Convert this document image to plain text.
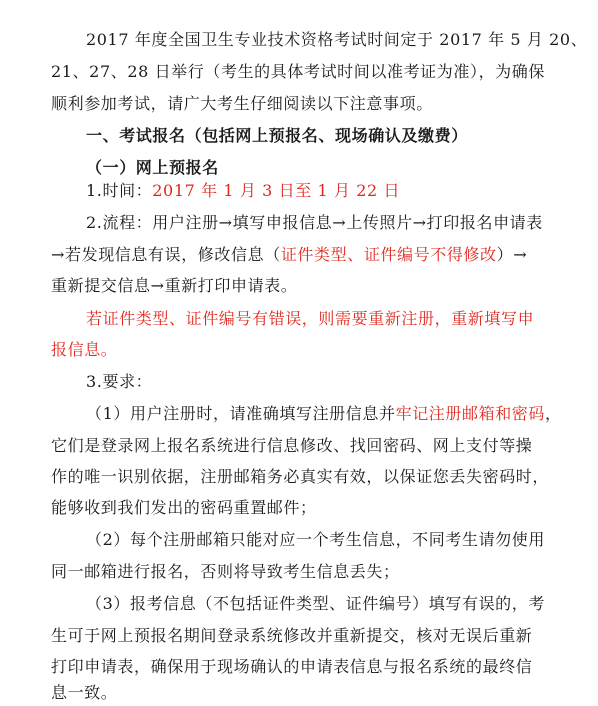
2017 年度全国卫生专业技术资格考试时间定于 2017 年 5 月 20、
21、27、28 日举行（考生的具体考试时间以准考证为准），为确保
顺利参加考试，请广大考生仔细阅读以下注意事项。
一、考试报名（包括网上预报名、现场确认及缴费）
（一）网上预报名
1.时间：2017 年 1 月 3 日至 1 月 22 日
2.流程：用户注册→填写申报信息→上传照片→打印报名申请表
→若发现信息有误，修改信息（证件类型、证件编号不得修改）→
重新提交信息→重新打印申请表。
若证件类型、证件编号有错误，则需要重新注册，重新填写申
报信息。
3.要求：
（1）用户注册时，请准确填写注册信息并牢记注册邮箱和密码，
它们是登录网上报名系统进行信息修改、找回密码、网上支付等操
作的唯一识别依据，注册邮箱务必真实有效，以保证您丢失密码时，
能够收到我们发出的密码重置邮件；
（2）每个注册邮箱只能对应一个考生信息，不同考生请勿使用
同一邮箱进行报名，否则将导致考生信息丢失；
（3）报考信息（不包括证件类型、证件编号）填写有误的，考
生可于网上预报名期间登录系统修改并重新提交，核对无误后重新
打印申请表，确保用于现场确认的申请表信息与报名系统的最终信
息一致。
